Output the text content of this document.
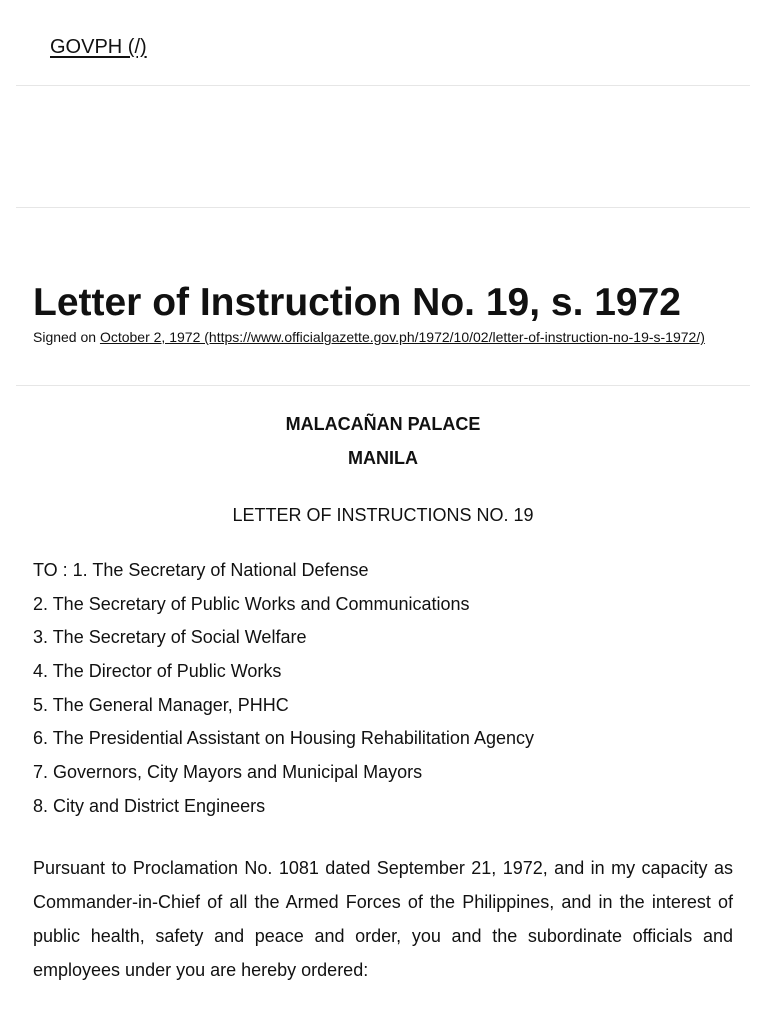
GOVPH (/)
Letter of Instruction No. 19, s. 1972
Signed on October 2, 1972 (https://www.officialgazette.gov.ph/1972/10/02/letter-of-instruction-no-19-s-1972/)
MALACAÑAN PALACE
MANILA
LETTER OF INSTRUCTIONS NO. 19
TO : 1. The Secretary of National Defense
2. The Secretary of Public Works and Communications
3. The Secretary of Social Welfare
4. The Director of Public Works
5. The General Manager, PHHC
6. The Presidential Assistant on Housing Rehabilitation Agency
7. Governors, City Mayors and Municipal Mayors
8. City and District Engineers

Pursuant to Proclamation No. 1081 dated September 21, 1972, and in my capacity as Commander-in-Chief of all the Armed Forces of the Philippines, and in the interest of public health, safety and peace and order, you and the subordinate officials and employees under you are hereby ordered:
